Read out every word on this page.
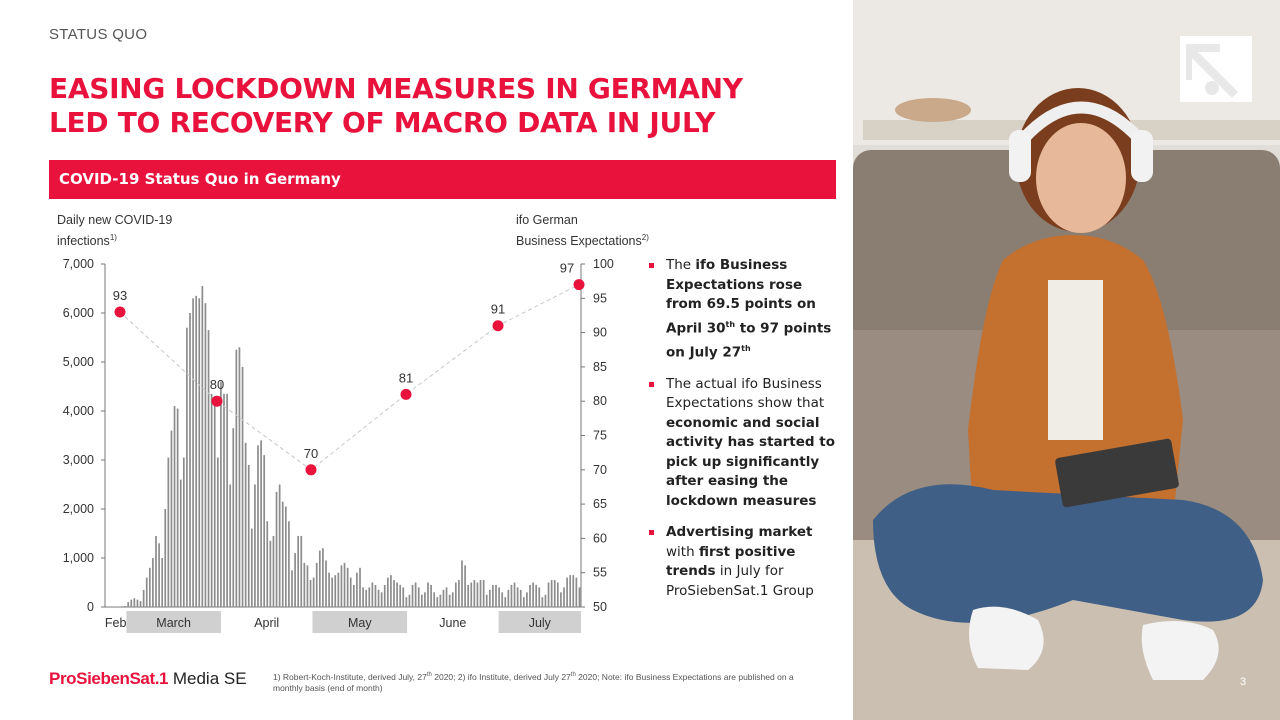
STATUS QUO
EASING LOCKDOWN MEASURES IN GERMANY
LED TO RECOVERY OF MACRO DATA IN JULY
COVID-19 Status Quo in Germany
Daily new COVID-19
infections$^{1)}$
ifo German
Business Expectations$^{2)}$
0
1,000
2,000
3,000
4,000
5,000
6,000
7,000
50
55
60
65
70
75
80
85
90
95
100
Feb March	April	May	June	July
93
80
70
81
91
97	The ifo Business Expectations rose from 69.5 points on April 30th to 97 points on July 27th
The actual ifo Business Expectations show that economic and social activity has started to pick up significantly after easing the lockdown measures
Advertising market with first positive trends in July for ProSiebenSat.1 Group
ProSiebenSat.1 Media SE	1) Robert-Koch-Institute, derived July, 27th 2020; 2) ifo Institute, derived July 27th 2020; Note: ifo Business Expectations are published on a monthly basis (end of month)
3
